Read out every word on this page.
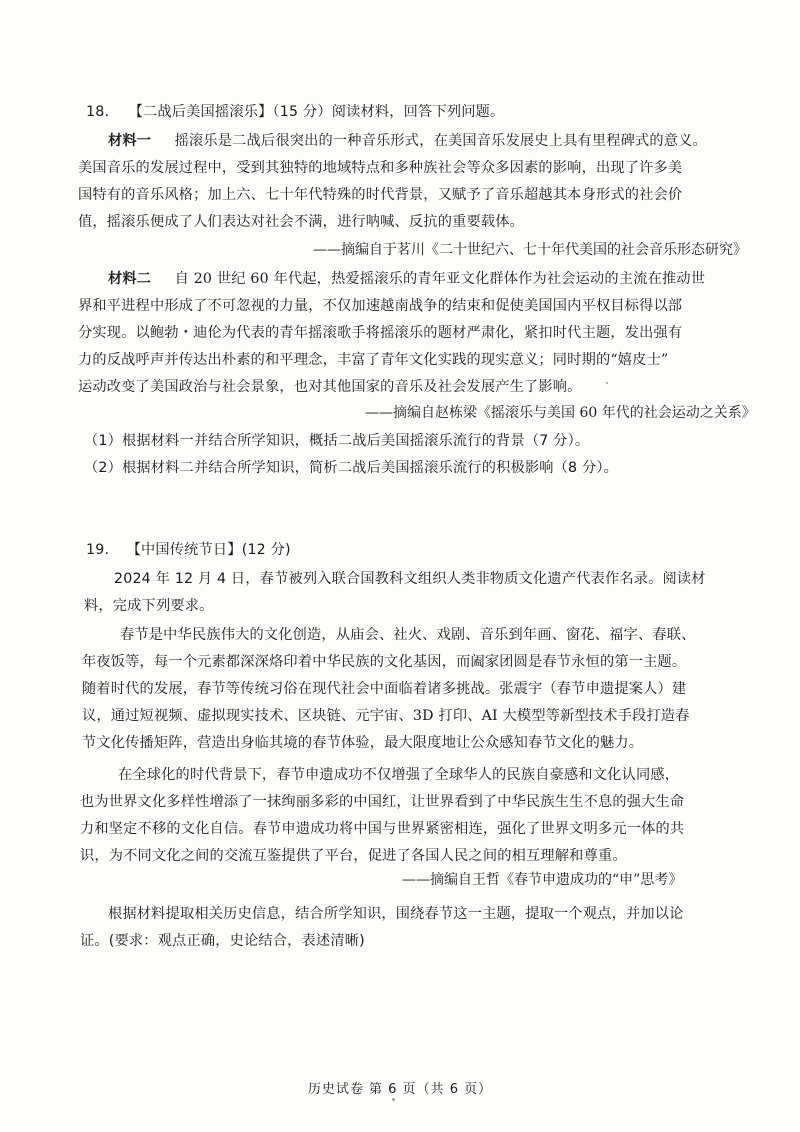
18. 【二战后美国摇滚乐】（15 分）阅读材料，回答下列问题。
材料一 摇滚乐是二战后很突出的一种音乐形式，在美国音乐发展史上具有里程碑式的意义。
美国音乐的发展过程中，受到其独特的地域特点和多种族社会等众多因素的影响，出现了许多美
国特有的音乐风格；加上六、七十年代特殊的时代背景，又赋予了音乐超越其本身形式的社会价
值，摇滚乐便成了人们表达对社会不满，进行呐喊、反抗的重要载体。
——摘编自于茗川《二十世纪六、七十年代美国的社会音乐形态研究》
材料二 自 20 世纪 60 年代起，热爱摇滚乐的青年亚文化群体作为社会运动的主流在推动世
界和平进程中形成了不可忽视的力量，不仅加速越南战争的结束和促使美国国内平权目标得以部
分实现。以鲍勃・迪伦为代表的青年摇滚歌手将摇滚乐的题材严肃化，紧扣时代主题，发出强有
力的反战呼声并传达出朴素的和平理念，丰富了青年文化实践的现实意义；同时期的“嬉皮士”
运动改变了美国政治与社会景象，也对其他国家的音乐及社会发展产生了影响。
——摘编自赵栋梁《摇滚乐与美国 60 年代的社会运动之关系》
（1）根据材料一并结合所学知识，概括二战后美国摇滚乐流行的背景（7 分）。
（2）根据材料二并结合所学知识，简析二战后美国摇滚乐流行的积极影响（8 分）。
19. 【中国传统节日】(12 分)
2024 年 12 月 4 日，春节被列入联合国教科文组织人类非物质文化遗产代表作名录。阅读材
料，完成下列要求。
春节是中华民族伟大的文化创造，从庙会、社火、戏剧、音乐到年画、窗花、福字、春联、
年夜饭等，每一个元素都深深烙印着中华民族的文化基因，而阖家团圆是春节永恒的第一主题。
随着时代的发展，春节等传统习俗在现代社会中面临着诸多挑战。张震宇（春节申遗提案人）建
议，通过短视频、虚拟现实技术、区块链、元宇宙、3D 打印、AI 大模型等新型技术手段打造春
节文化传播矩阵，营造出身临其境的春节体验，最大限度地让公众感知春节文化的魅力。
在全球化的时代背景下，春节申遗成功不仅增强了全球华人的民族自豪感和文化认同感，
也为世界文化多样性增添了一抹绚丽多彩的中国红，让世界看到了中华民族生生不息的强大生命
力和坚定不移的文化自信。春节申遗成功将中国与世界紧密相连，强化了世界文明多元一体的共
识，为不同文化之间的交流互鉴提供了平台，促进了各国人民之间的相互理解和尊重。
——摘编自王哲《春节申遗成功的“申”思考》
根据材料提取相关历史信息，结合所学知识，围绕春节这一主题，提取一个观点，并加以论
证。(要求：观点正确，史论结合，表述清晰)
历史试卷 第 6 页（共 6 页）
